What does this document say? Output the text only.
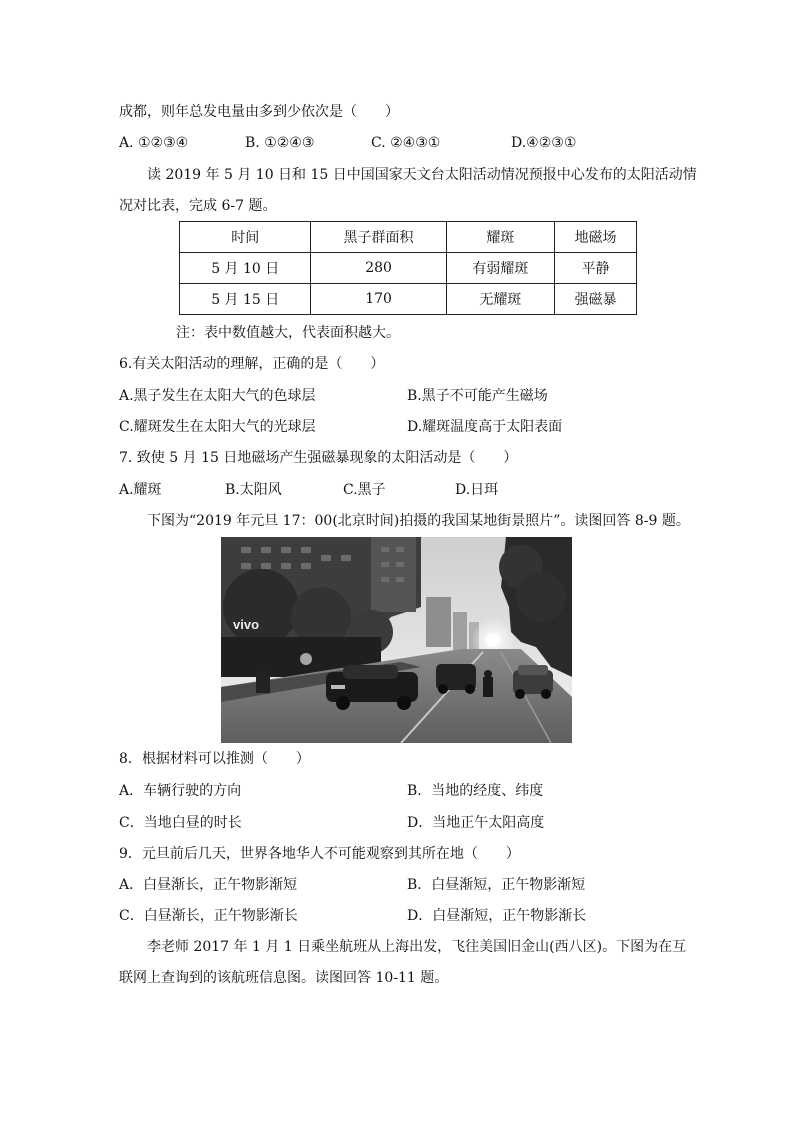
成都，则年总发电量由多到少依次是（　　）
A. ①②③④	B. ①②④③	C. ②④③①	D.④②③①
读 2019 年 5 月 10 日和 15 日中国国家天文台太阳活动情况预报中心发布的太阳活动情
况对比表，完成 6-7 题。
时间	黑子群面积	耀斑	地磁场
5 月 10 日	280	有弱耀斑	平静
5 月 15 日	170	无耀斑	强磁暴
注：表中数值越大，代表面积越大。
6.有关太阳活动的理解，正确的是（　　）
A.黑子发生在太阳大气的色球层	B.黑子不可能产生磁场
C.耀斑发生在太阳大气的光球层	D.耀斑温度高于太阳表面
7. 致使 5 月 15 日地磁场产生强磁暴现象的太阳活动是（　　）
A.耀斑	B.太阳风	C.黑子	D.日珥
下图为“2019 年元旦 17：00(北京时间)拍摄的我国某地街景照片”。读图回答 8-9 题。
vivo
8．根据材料可以推测（　　）
A．车辆行驶的方向	B．当地的经度、纬度
C．当地白昼的时长	D．当地正午太阳高度
9．元旦前后几天，世界各地华人不可能观察到其所在地（　　）
A．白昼渐长，正午物影渐短	B．白昼渐短，正午物影渐短
C．白昼渐长，正午物影渐长	D．白昼渐短，正午物影渐长
李老师 2017 年 1 月 1 日乘坐航班从上海出发，飞往美国旧金山(西八区)。下图为在互
联网上查询到的该航班信息图。读图回答 10-11 题。
